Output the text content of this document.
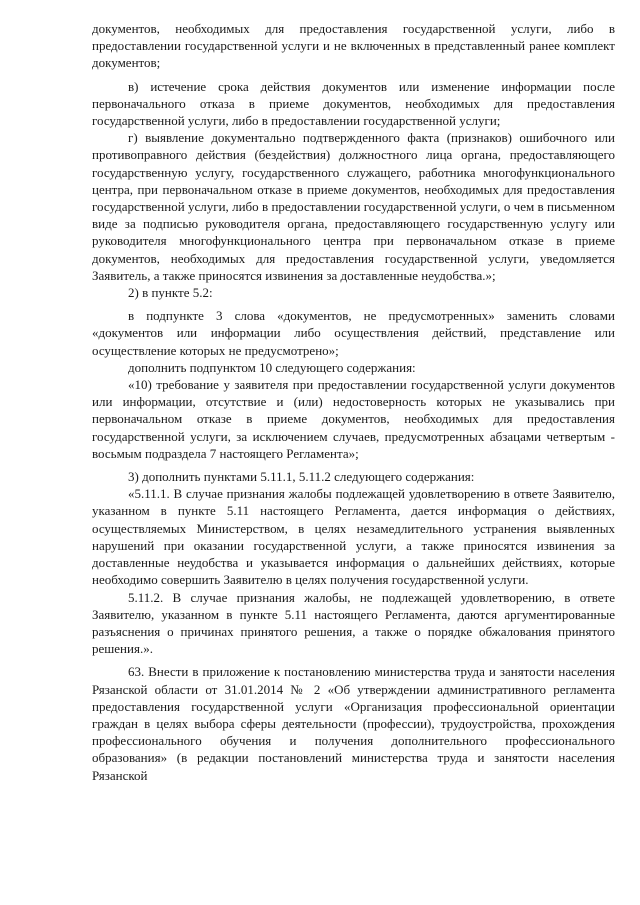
документов, необходимых для предоставления государственной услуги, либо в предоставлении государственной услуги и не включенных в представленный ранее комплект документов;

в) истечение срока действия документов или изменение информации после первоначального отказа в приеме документов, необходимых для предоставления государственной услуги, либо в предоставлении государственной услуги;

г) выявление документально подтвержденного факта (признаков) ошибочного или противоправного действия (бездействия) должностного лица органа, предоставляющего государственную услугу, государственного служащего, работника многофункционального центра, при первоначальном отказе в приеме документов, необходимых для предоставления государственной услуги, либо в предоставлении государственной услуги, о чем в письменном виде за подписью руководителя органа, предоставляющего государственную услугу или руководителя многофункционального центра при первоначальном отказе в приеме документов, необходимых для предоставления государственной услуги, уведомляется Заявитель, а также приносятся извинения за доставленные неудобства.»;

2) в пункте 5.2:

в подпункте 3 слова «документов, не предусмотренных» заменить словами «документов или информации либо осуществления действий, представление или осуществление которых не предусмотрено»;

дополнить подпунктом 10 следующего содержания:

«10) требование у заявителя при предоставлении государственной услуги документов или информации, отсутствие и (или) недостоверность которых не указывались при первоначальном отказе в приеме документов, необходимых для предоставления государственной услуги, за исключением случаев, предусмотренных абзацами четвертым - восьмым подраздела 7 настоящего Регламента»;

3) дополнить пунктами 5.11.1, 5.11.2 следующего содержания:

«5.11.1. В случае признания жалобы подлежащей удовлетворению в ответе Заявителю, указанном в пункте 5.11 настоящего Регламента, дается информация о действиях, осуществляемых Министерством, в целях незамедлительного устранения выявленных нарушений при оказании государственной услуги, а также приносятся извинения за доставленные неудобства и указывается информация о дальнейших действиях, которые необходимо совершить Заявителю в целях получения государственной услуги.

5.11.2. В случае признания жалобы, не подлежащей удовлетворению, в ответе Заявителю, указанном в пункте 5.11 настоящего Регламента, даются аргументированные разъяснения о причинах принятого решения, а также о порядке обжалования принятого решения.».

63. Внести в приложение к постановлению министерства труда и занятости населения Рязанской области от 31.01.2014 № 2 «Об утверждении административного регламента предоставления государственной услуги «Организация профессиональной ориентации граждан в целях выбора сферы деятельности (профессии), трудоустройства, прохождения профессионального обучения и получения дополнительного профессионального образования» (в редакции постановлений министерства труда и занятости населения Рязанской
